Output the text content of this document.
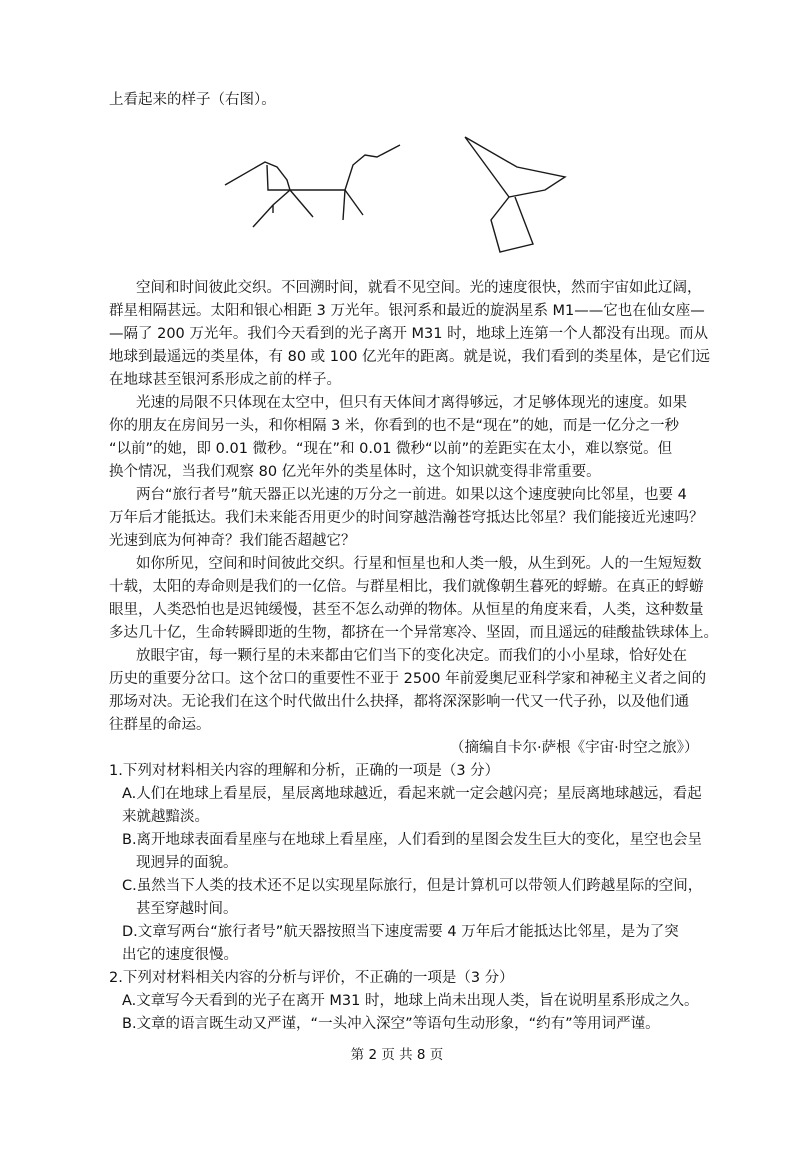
上看起来的样子（右图）。
空间和时间彼此交织。不回溯时间，就看不见空间。光的速度很快，然而宇宙如此辽阔，
群星相隔甚远。太阳和银心相距 3 万光年。银河系和最近的旋涡星系 M1——它也在仙女座—
—隔了 200 万光年。我们今天看到的光子离开 M31 时，地球上连第一个人都没有出现。而从
地球到最遥远的类星体，有 80 或 100 亿光年的距离。就是说，我们看到的类星体，是它们远
在地球甚至银河系形成之前的样子。
光速的局限不只体现在太空中，但只有天体间才离得够远，才足够体现光的速度。如果
你的朋友在房间另一头，和你相隔 3 米，你看到的也不是“现在”的她，而是一亿分之一秒
“以前”的她，即 0.01 微秒。“现在”和 0.01 微秒“以前”的差距实在太小，难以察觉。但
换个情况，当我们观察 80 亿光年外的类星体时，这个知识就变得非常重要。
两台“旅行者号”航天器正以光速的万分之一前进。如果以这个速度驶向比邻星，也要 4
万年后才能抵达。我们未来能否用更少的时间穿越浩瀚苍穹抵达比邻星？我们能接近光速吗？
光速到底为何神奇？我们能否超越它？
如你所见，空间和时间彼此交织。行星和恒星也和人类一般，从生到死。人的一生短短数
十载，太阳的寿命则是我们的一亿倍。与群星相比，我们就像朝生暮死的蜉蝣。在真正的蜉蝣
眼里，人类恐怕也是迟钝缓慢，甚至不怎么动弹的物体。从恒星的角度来看，人类，这种数量
多达几十亿，生命转瞬即逝的生物，都挤在一个异常寒冷、坚固，而且遥远的硅酸盐铁球体上。
放眼宇宙，每一颗行星的未来都由它们当下的变化决定。而我们的小小星球，恰好处在
历史的重要分岔口。这个岔口的重要性不亚于 2500 年前爱奥尼亚科学家和神秘主义者之间的
那场对决。无论我们在这个时代做出什么抉择，都将深深影响一代又一代子孙，以及他们通
往群星的命运。
（摘编自卡尔·萨根《宇宙·时空之旅》）
1.下列对材料相关内容的理解和分析，正确的一项是（3 分）
A.人们在地球上看星辰，星辰离地球越近，看起来就一定会越闪亮；星辰离地球越远，看起
来就越黯淡。
B.离开地球表面看星座与在地球上看星座，人们看到的星图会发生巨大的变化，星空也会呈
现迥异的面貌。
C.虽然当下人类的技术还不足以实现星际旅行，但是计算机可以带领人们跨越星际的空间，
甚至穿越时间。
D.文章写两台“旅行者号”航天器按照当下速度需要 4 万年后才能抵达比邻星，是为了突
出它的速度很慢。
2.下列对材料相关内容的分析与评价，不正确的一项是（3 分）
A.文章写今天看到的光子在离开 M31 时，地球上尚未出现人类，旨在说明星系形成之久。
B.文章的语言既生动又严谨，“一头冲入深空”等语句生动形象，“约有”等用词严谨。
第 2 页 共 8 页
